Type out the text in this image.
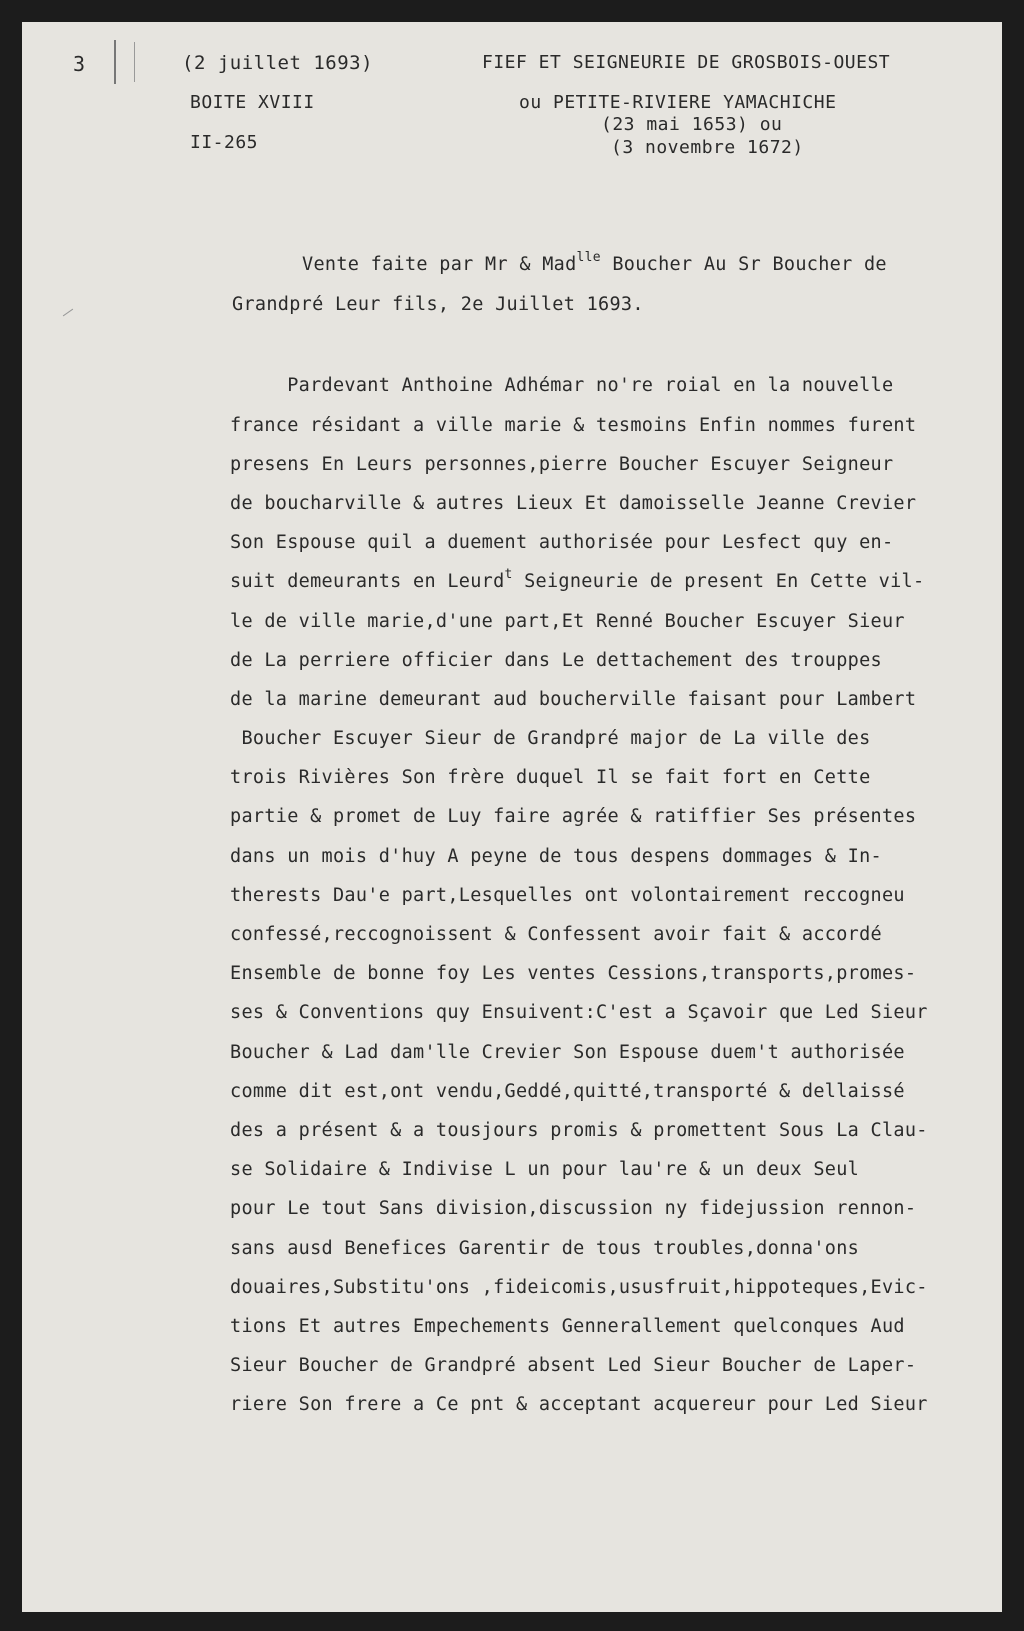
3	(2 juillet 1693)
BOITE XVIII
II-265
FIEF ET SEIGNEURIE DE GROSBOIS-OUEST
ou PETITE-RIVIERE YAMACHICHE
(23 mai 1653) ou
(3 novembre 1672)
Vente faite par Mr & Mad$^{lle}$ Boucher Au Sr Boucher de
Grandpré Leur fils, 2e Juillet 1693.
Pardevant Anthoine Adhémar no're roial en la nouvelle
france résidant a ville marie & tesmoins Enfin nommes furent
presens En Leurs personnes,pierre Boucher Escuyer Seigneur
de boucharville & autres Lieux Et damoisselle Jeanne Crevier
Son Espouse quil a duement authorisée pour Lesfect quy en-
suit demeurants en Leurd$^t$ Seigneurie de present En Cette vil-
le de ville marie,d'une part,Et Renné Boucher Escuyer Sieur
de La perriere officier dans Le dettachement des trouppes
de la marine demeurant aud boucherville faisant pour Lambert
Boucher Escuyer Sieur de Grandpré major de La ville des
trois Rivières Son frère duquel Il se fait fort en Cette
partie & promet de Luy faire agrée & ratiffier Ses présentes
dans un mois d'huy A peyne de tous despens dommages & In-
therests Dau'e part,Lesquelles ont volontairement reccogneu
confessé,reccognoissent & Confessent avoir fait & accordé
Ensemble de bonne foy Les ventes Cessions,transports,promes-
ses & Conventions quy Ensuivent:C'est a Sçavoir que Led Sieur
Boucher & Lad dam'lle Crevier Son Espouse duem't authorisée
comme dit est,ont vendu,Geddé,quitté,transporté & dellaissé
des a présent & a tousjours promis & promettent Sous La Clau-
se Solidaire & Indivise L un pour lau're & un deux Seul
pour Le tout Sans division,discussion ny fidejussion rennon-
sans ausd Benefices Garentir de tous troubles,donna'ons
douaires,Substitu'ons ,fideicomis,ususfruit,hippoteques,Evic-
tions Et autres Empechements Gennerallement quelconques Aud
Sieur Boucher de Grandpré absent Led Sieur Boucher de Laper-
riere Son frere a Ce pnt & acceptant acquereur pour Led Sieur
